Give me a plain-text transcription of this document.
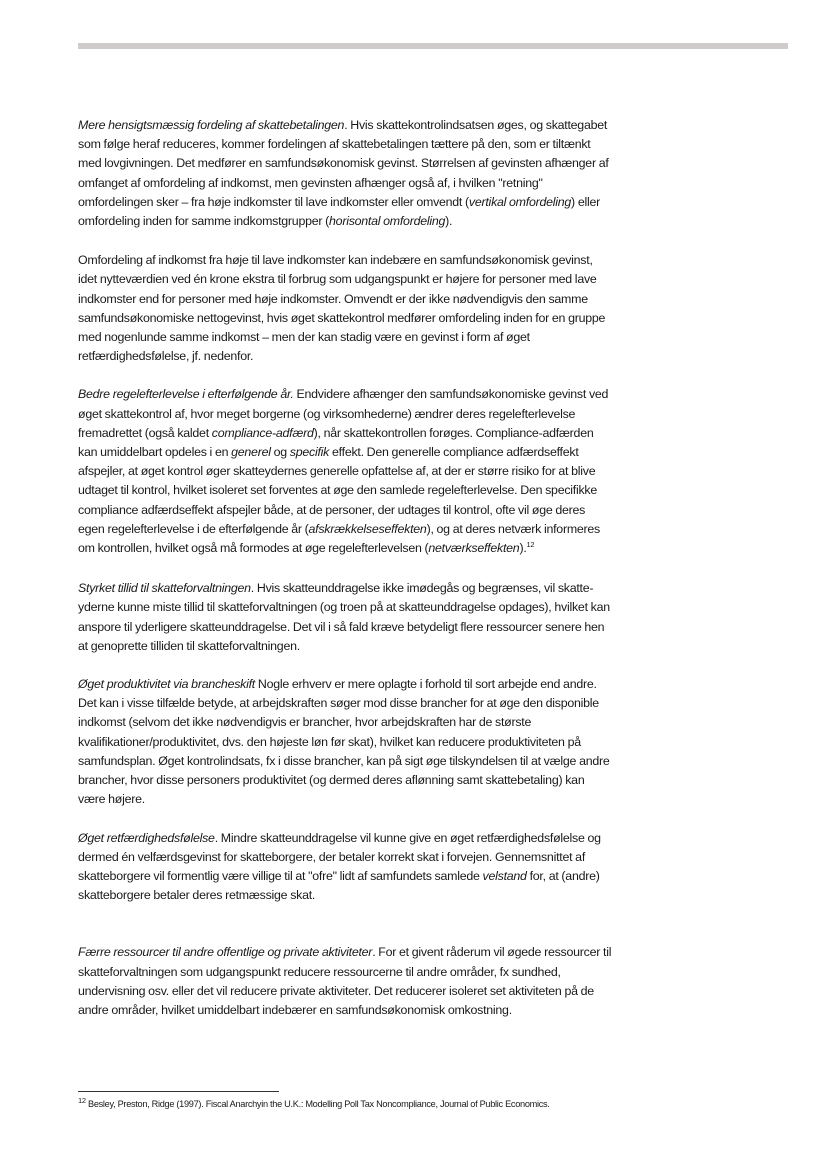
Mere hensigtsmæssig fordeling af skattebetalingen. Hvis skattekontrolindsatsen øges, og skattegabet som følge heraf reduceres, kommer fordelingen af skattebetalingen tættere på den, som er tiltænkt med lovgivningen. Det medfører en samfundsøkonomisk gevinst. Størrelsen af gevinsten afhænger af omfanget af omfordeling af indkomst, men gevinsten afhænger også af, i hvilken "retning" omfordelingen sker – fra høje indkomster til lave indkomster eller omvendt (vertikal omfordeling) eller omfordeling inden for samme indkomstgrupper (horisontal omfordeling).

Omfordeling af indkomst fra høje til lave indkomster kan indebære en samfundsøkonomisk gevinst, idet nytteværdien ved én krone ekstra til forbrug som udgangspunkt er højere for personer med lave indkomster end for personer med høje indkomster. Omvendt er der ikke nødvendigvis den samme samfundsøkonomiske nettogevinst, hvis øget skattekontrol medfører omfordeling inden for en gruppe med nogenlunde samme indkomst – men der kan stadig være en gevinst i form af øget retfærdighedsfølelse, jf. nedenfor.

Bedre regelefterlevelse i efterfølgende år. Endvidere afhænger den samfundsøkonomiske gevinst ved øget skattekontrol af, hvor meget borgerne (og virksomhederne) ændrer deres regelefterlevelse fremadrettet (også kaldet compliance-adfærd), når skattekontrollen forøges. Compliance-adfærden kan umiddelbart opdeles i en generel og specifik effekt. Den generelle compliance adfærdseffekt afspejler, at øget kontrol øger skatteydernes generelle opfattelse af, at der er større risiko for at blive udtaget til kontrol, hvilket isoleret set forventes at øge den samlede regelefterlevelse. Den specifikke compliance adfærdseffekt afspejler både, at de personer, der udtages til kontrol, ofte vil øge deres egen regelefterlevelse i de efterfølgende år (afskrækkelseseffekten), og at deres netværk informeres om kontrollen, hvilket også må formodes at øge regelefterlevelsen (netværkseffekten).$^{12}$

Styrket tillid til skatteforvaltningen. Hvis skatteunddragelse ikke imødegås og begrænses, vil skatteyderne kunne miste tillid til skatteforvaltningen (og troen på at skatteunddragelse opdages), hvilket kan anspore til yderligere skatteunddragelse. Det vil i så fald kræve betydeligt flere ressourcer senere hen at genoprette tilliden til skatteforvaltningen.

Øget produktivitet via brancheskift Nogle erhverv er mere oplagte i forhold til sort arbejde end andre. Det kan i visse tilfælde betyde, at arbejdskraften søger mod disse brancher for at øge den disponible indkomst (selvom det ikke nødvendigvis er brancher, hvor arbejdskraften har de største kvalifikationer/produktivitet, dvs. den højeste løn før skat), hvilket kan reducere produktiviteten på samfundsplan. Øget kontrolindsats, fx i disse brancher, kan på sigt øge tilskyndelsen til at vælge andre brancher, hvor disse personers produktivitet (og dermed deres aflønning samt skattebetaling) kan være højere.

Øget retfærdighedsfølelse. Mindre skatteunddragelse vil kunne give en øget retfærdighedsfølelse og dermed én velfærdsgevinst for skatteborgere, der betaler korrekt skat i forvejen. Gennemsnittet af skatteborgere vil formentlig være villige til at "ofre" lidt af samfundets samlede velstand for, at (andre) skatteborgere betaler deres retmæssige skat.

Færre ressourcer til andre offentlige og private aktiviteter. For et givent råderum vil øgede ressourcer til skatteforvaltningen som udgangspunkt reducere ressourcerne til andre områder, fx sundhed, undervisning osv. eller det vil reducere private aktiviteter. Det reducerer isoleret set aktiviteten på de andre områder, hvilket umiddelbart indebærer en samfundsøkonomisk omkostning.

$^{12}$ Besley, Preston, Ridge (1997). Fiscal Anarchyin the U.K.: Modelling Poll Tax Noncompliance, Journal of Public Economics.
